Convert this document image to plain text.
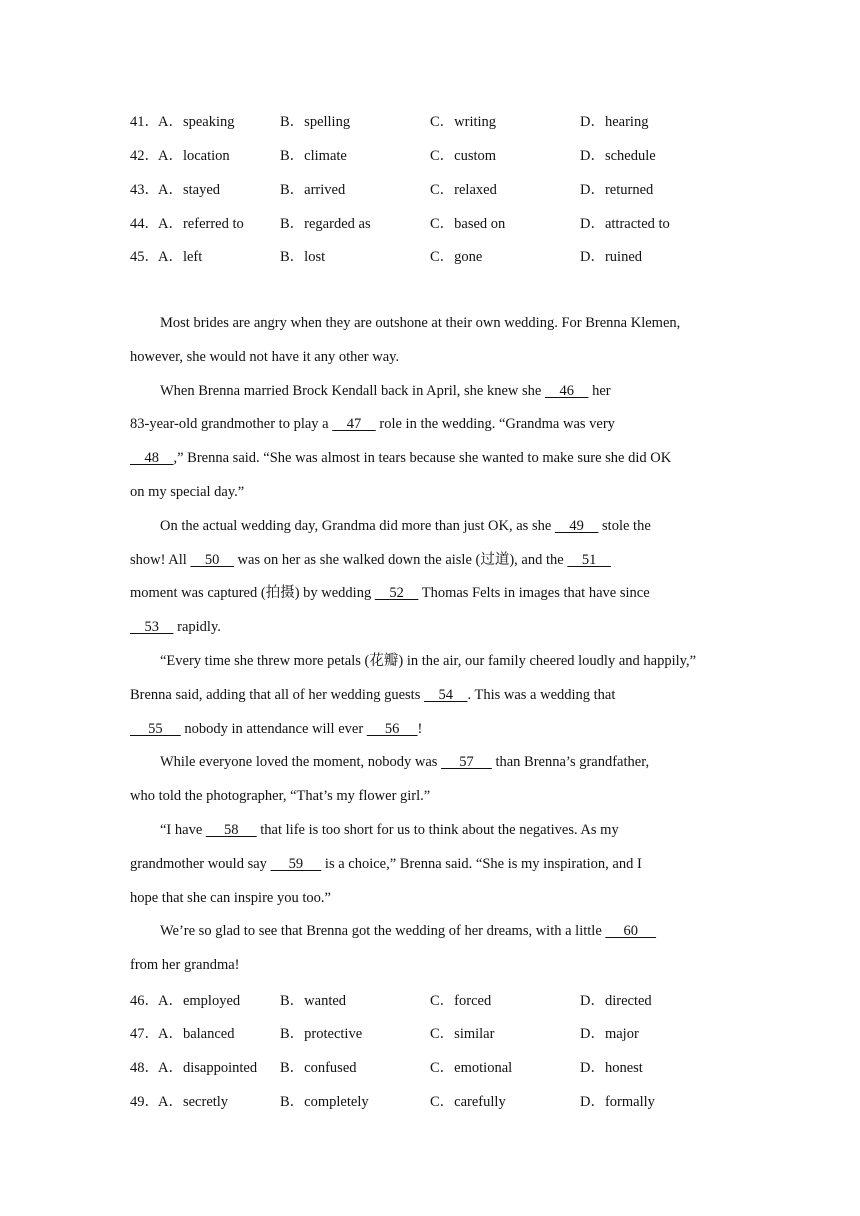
41． A．speaking	B．spelling	C．writing	D．hearing
42． A．location	B．climate	C．custom	D．schedule
43． A．stayed	B．arrived	C．relaxed	D．returned
44． A．referred to	B．regarded as	C．based on	D．attracted to
45． A．left	B．lost	C．gone	D．ruined
Most brides are angry when they are outshone at their own wedding. For Brenna Klemen,
however, she would not have it any other way.
When Brenna married Brock Kendall back in April, she knew she     46     her
83-year-old grandmother to play a     47     role in the wedding. “Grandma was very
48    ,” Brenna said. “She was almost in tears because she wanted to make sure she did OK
on my special day.”
On the actual wedding day, Grandma did more than just OK, as she     49     stole the
show! All     50     was on her as she walked down the aisle (过道), and the     51
moment was captured (拍摄) by wedding     52     Thomas Felts in images that have since
53     rapidly.
“Every time she threw more petals (花瓣) in the air, our family cheered loudly and happily,”
Brenna said, adding that all of her wedding guests     54    . This was a wedding that
55      nobody in attendance will ever      56     !
While everyone loved the moment, nobody was      57      than Brenna’s grandfather,
who told the photographer, “That’s my flower girl.”
“I have      58      that life is too short for us to think about the negatives. As my
grandmother would say      59      is a choice,” Brenna said. “She is my inspiration, and I
hope that she can inspire you too.”
We’re so glad to see that Brenna got the wedding of her dreams, with a little      60
from her grandma!
46． A．employed	B．wanted	C．forced	D．directed
47． A．balanced	B．protective	C．similar	D．major
48． A．disappointed B．confused	C．emotional	D．honest
49． A．secretly	B．completely	C．carefully	D．formally
